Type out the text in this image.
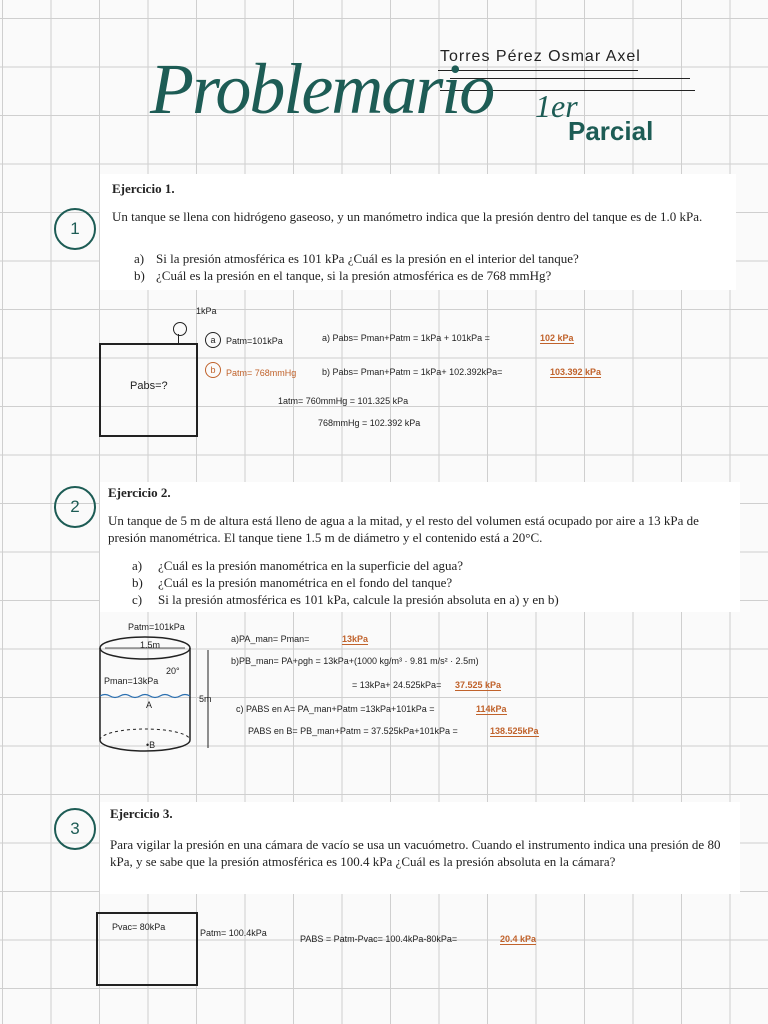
Torres Pérez Osmar Axel
Problemario 1er
Parcial
1
Ejercicio 1.
Un tanque se llena con hidrógeno gaseoso, y un manómetro indica que la presión dentro del tanque es de 1.0 kPa.
a) Si la presión atmosférica es 101 kPa ¿Cuál es la presión en el interior del tanque?
b) ¿Cuál es la presión en el tanque, si la presión atmosférica es de 768 mmHg?
1kPa
Pabs=?
a	Patm=101kPa	a) Pabs= Pman+Patm = 1kPa + 101kPa =	102 kPa
b	Patm= 768mmHg	b) Pabs= Pman+Patm = 1kPa+ 102.392kPa=	103.392 kPa
1atm= 760mmHg = 101.325 kPa
768mmHg = 102.392 kPa
2
Ejercicio 2.
Un tanque de 5 m de altura está lleno de agua a la mitad, y el resto del volumen está ocupado por aire a 13 kPa de presión manométrica. El tanque tiene 1.5 m de diámetro y el contenido está a 20°C.
a) ¿Cuál es la presión manométrica en la superficie del agua?
b) ¿Cuál es la presión manométrica en el fondo del tanque?
c) Si la presión atmosférica es 101 kPa, calcule la presión absoluta en a) y en b)
Patm=101kPa
1.5m
Pman=13kPa
20°
5m
A
•B
a)PA_man= Pman=	13kPa
b)PB_man= PA+ρgh = 13kPa+(1000 kg/m³ · 9.81 m/s² · 2.5m)
= 13kPa+ 24.525kPa= 37.525 kPa
c) PABS en A= PA_man+Patm =13kPa+101kPa =	114kPa
PABS en B= PB_man+Patm = 37.525kPa+101kPa =	138.525kPa
3
Ejercicio 3.
Para vigilar la presión en una cámara de vacío se usa un vacuómetro. Cuando el instrumento indica una presión de 80 kPa, y se sabe que la presión atmosférica es 100.4 kPa ¿Cuál es la presión absoluta en la cámara?
Pvac= 80kPa
Patm= 100.4kPa
PABS = Patm-Pvac= 100.4kPa-80kPa=	20.4 kPa
